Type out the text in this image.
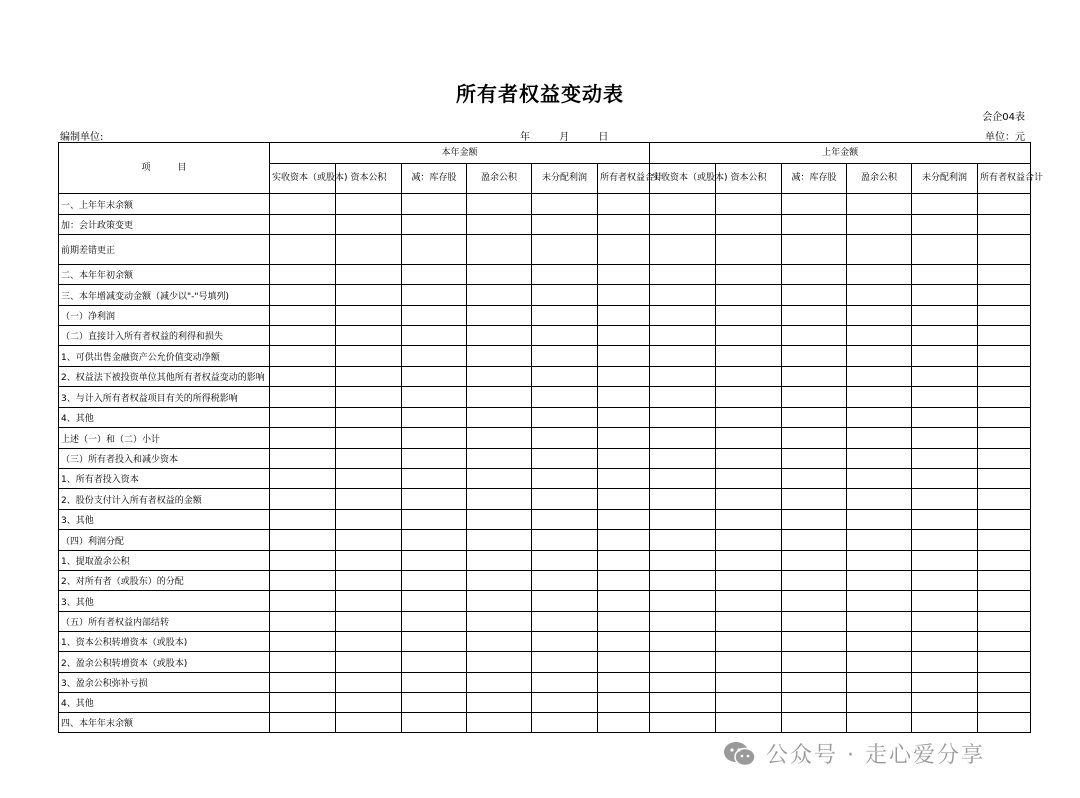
所有者权益变动表
会企04表
编制单位:	年	月	日	单位：元
项　　　目	本年金额						上年金额					
	实收资本（或股本)	资本公积	减：库存股	盈余公积	未分配利润	所有者权益合计	实收资本（或股本)	资本公积	减：库存股	盈余公积	未分配利润	所有者权益合计
一、上年年末余额												
加：会计政策变更												
前期差错更正												
二、本年年初余额												
三、本年增减变动金额（减少以"-"号填列)												
（一）净利润												
（二）直接计入所有者权益的利得和损失												
1、可供出售金融资产公允价值变动净额												
2、权益法下被投资单位其他所有者权益变动的影响												
3、与计入所有者权益项目有关的所得税影响												
4、其他												
上述（一）和（二）小计												
（三）所有者投入和减少资本												
1、所有者投入资本												
2、股份支付计入所有者权益的金额												
3、其他												
（四）利润分配												
1、提取盈余公积												
2、对所有者（或股东）的分配												
3、其他												
（五）所有者权益内部结转												
1、资本公积转增资本（或股本)												
2、盈余公积转增资本（或股本)												
3、盈余公积弥补亏损												
4、其他												
四、本年年末余额												
公众号 · 走心爱分享
